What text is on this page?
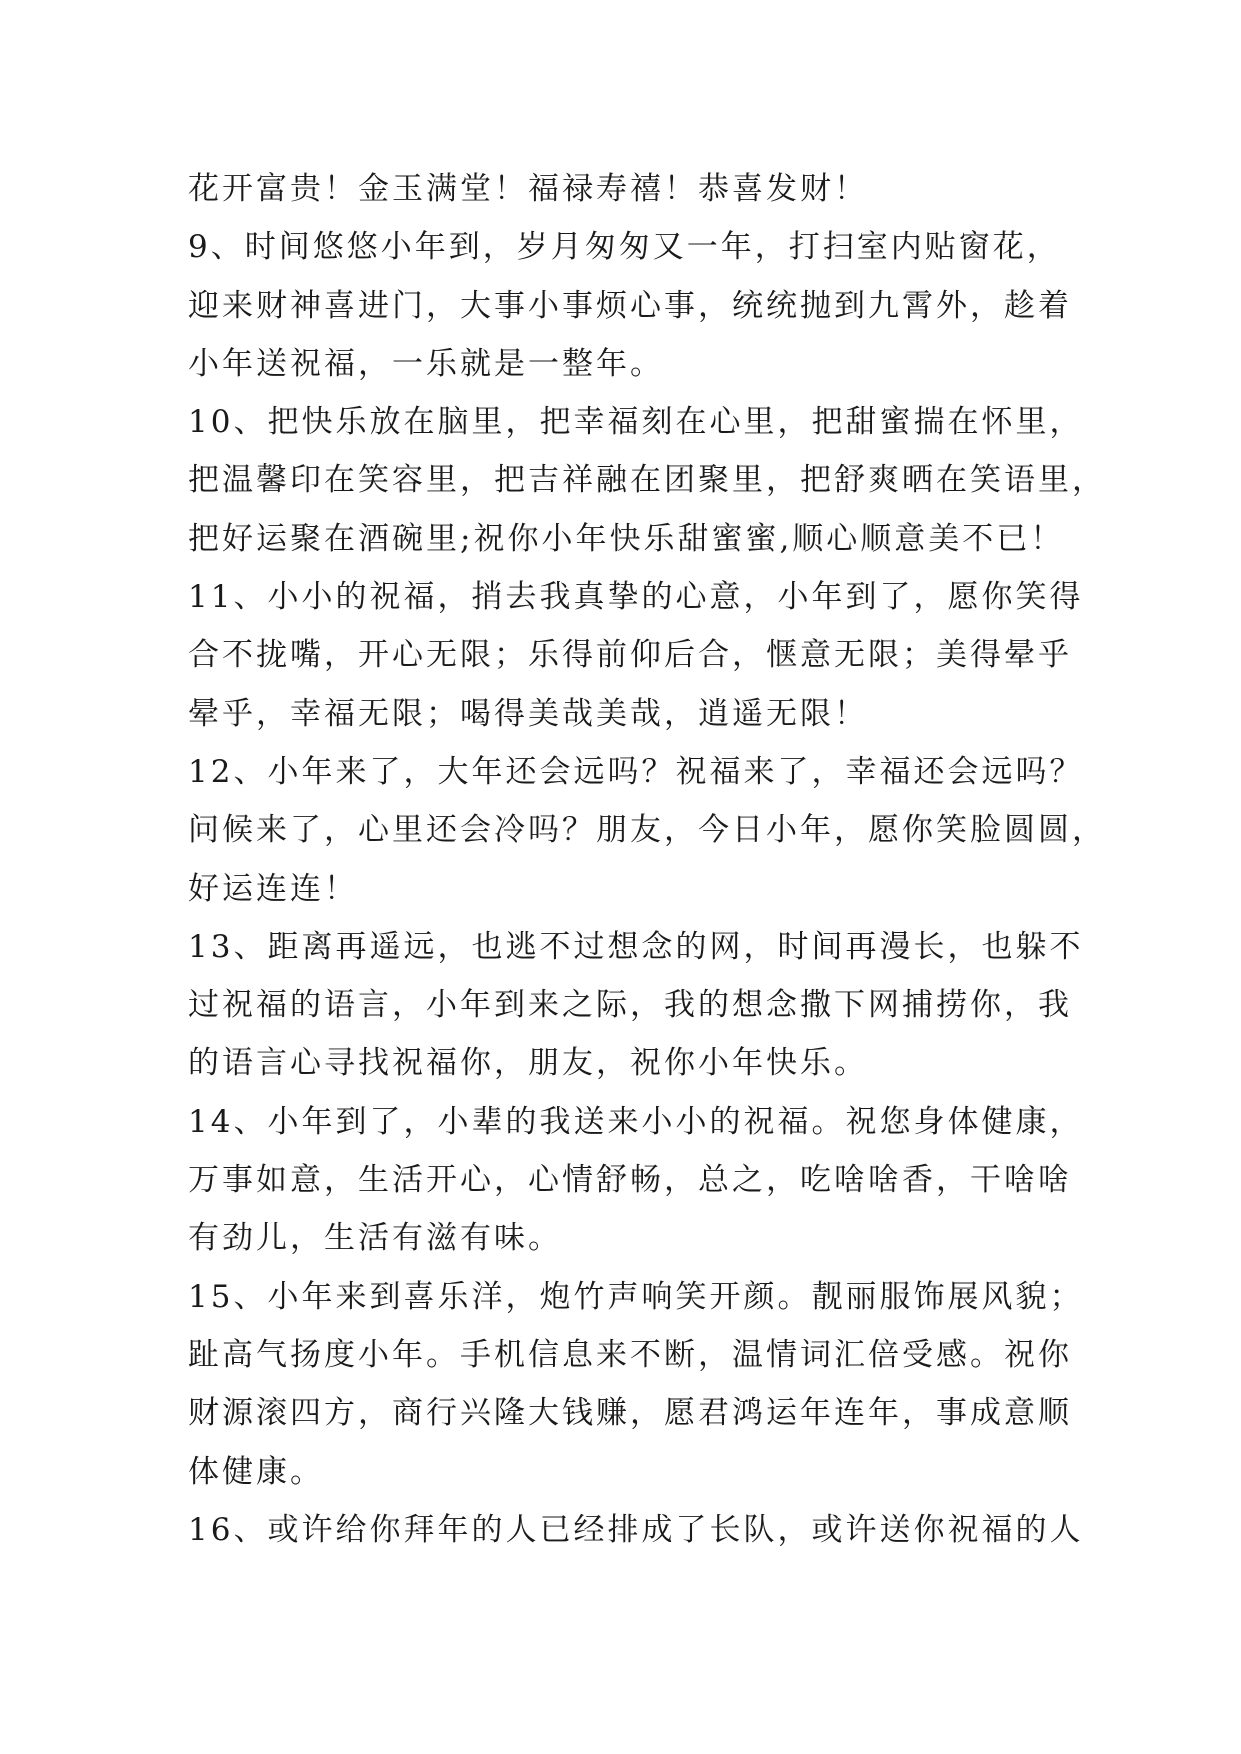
花开富贵！金玉满堂！福禄寿禧！恭喜发财！
9、时间悠悠小年到，岁月匆匆又一年，打扫室内贴窗花，
迎来财神喜进门，大事小事烦心事，统统抛到九霄外，趁着
小年送祝福，一乐就是一整年。
10、把快乐放在脑里，把幸福刻在心里，把甜蜜揣在怀里，
把温馨印在笑容里，把吉祥融在团聚里，把舒爽晒在笑语里，
把好运聚在酒碗里;祝你小年快乐甜蜜蜜,顺心顺意美不已！
11、小小的祝福，捎去我真挚的心意，小年到了，愿你笑得
合不拢嘴，开心无限；乐得前仰后合，惬意无限；美得晕乎
晕乎，幸福无限；喝得美哉美哉，逍遥无限！
12、小年来了，大年还会远吗？祝福来了，幸福还会远吗？
问候来了，心里还会冷吗？朋友，今日小年，愿你笑脸圆圆，
好运连连！
13、距离再遥远，也逃不过想念的网，时间再漫长，也躲不
过祝福的语言，小年到来之际，我的想念撒下网捕捞你，我
的语言心寻找祝福你，朋友，祝你小年快乐。
14、小年到了，小辈的我送来小小的祝福。祝您身体健康，
万事如意，生活开心，心情舒畅，总之，吃啥啥香，干啥啥
有劲儿，生活有滋有味。
15、小年来到喜乐洋，炮竹声响笑开颜。靓丽服饰展风貌；
趾高气扬度小年。手机信息来不断，温情词汇倍受感。祝你
财源滚四方，商行兴隆大钱赚，愿君鸿运年连年，事成意顺
体健康。
16、或许给你拜年的人已经排成了长队，或许送你祝福的人
